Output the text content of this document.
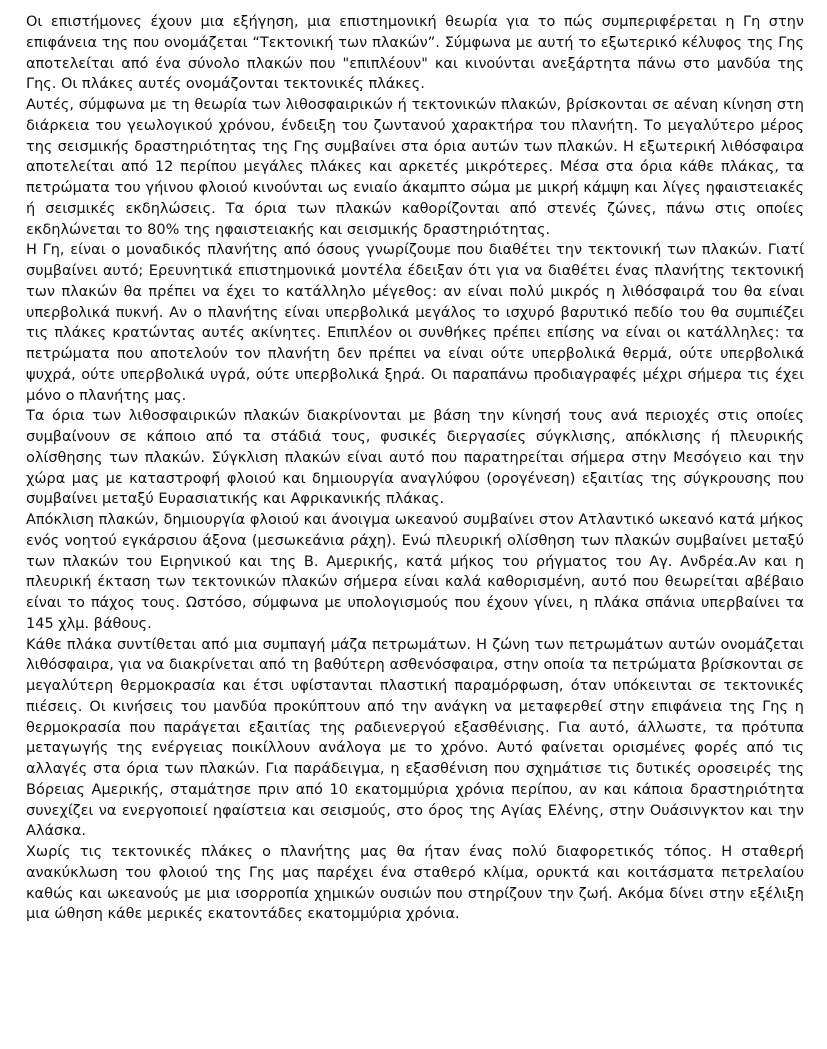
Οι επιστήμονες έχουν μια εξήγηση, μια επιστημονική θεωρία για το πώς συμπεριφέρεται η Γη στην επιφάνεια της που ονομάζεται “Τεκτονική των πλακών”. Σύμφωνα με αυτή το εξωτερικό κέλυφος της Γης αποτελείται από ένα σύνολο πλακών που "επιπλέουν" και κινούνται ανεξάρτητα πάνω στο μανδύα της Γης. Οι πλάκες αυτές ονομάζονται τεκτονικές πλάκες.

Αυτές, σύμφωνα με τη θεωρία των λιθοσφαιρικών ή τεκτονικών πλακών, βρίσκονται σε αέναη κίνηση στη διάρκεια του γεωλογικού χρόνου, ένδειξη του ζωντανού χαρακτήρα του πλανήτη. Το μεγαλύτερο μέρος της σεισμικής δραστηριότητας της Γης συμβαίνει στα όρια αυτών των πλακών. Η εξωτερική λιθόσφαιρα αποτελείται από 12 περίπου μεγάλες πλάκες και αρκετές μικρότερες. Μέσα στα όρια κάθε πλάκας, τα πετρώματα του γήινου φλοιού κινούνται ως ενιαίο άκαμπτο σώμα με μικρή κάμψη και λίγες ηφαιστειακές ή σεισμικές εκδηλώσεις. Τα όρια των πλακών καθορίζονται από στενές ζώνες, πάνω στις οποίες εκδηλώνεται το 80% της ηφαιστειακής και σεισμικής δραστηριότητας.

Η Γη, είναι ο μοναδικός πλανήτης από όσους γνωρίζουμε που διαθέτει την τεκτονική των πλακών. Γιατί συμβαίνει αυτό; Ερευνητικά επιστημονικά μοντέλα έδειξαν ότι για να διαθέτει ένας πλανήτης τεκτονική των πλακών θα πρέπει να έχει το κατάλληλο μέγεθος: αν είναι πολύ μικρός η λιθόσφαιρά του θα είναι υπερβολικά πυκνή. Αν ο πλανήτης είναι υπερβολικά μεγάλος το ισχυρό βαρυτικό πεδίο του θα συμπιέζει τις πλάκες κρατώντας αυτές ακίνητες. Επιπλέον οι συνθήκες πρέπει επίσης να είναι οι κατάλληλες: τα πετρώματα που αποτελούν τον πλανήτη δεν πρέπει να είναι ούτε υπερβολικά θερμά, ούτε υπερβολικά ψυχρά, ούτε υπερβολικά υγρά, ούτε υπερβολικά ξηρά. Οι παραπάνω προδιαγραφές μέχρι σήμερα τις έχει μόνο ο πλανήτης μας.

Τα όρια των λιθοσφαιρικών πλακών διακρίνονται με βάση την κίνησή τους ανά περιοχές στις οποίες συμβαίνουν σε κάποιο από τα στάδιά τους, φυσικές διεργασίες σύγκλισης, απόκλισης ή πλευρικής ολίσθησης των πλακών. Σύγκλιση πλακών είναι αυτό που παρατηρείται σήμερα στην Μεσόγειο και την χώρα μας με καταστροφή φλοιού και δημιουργία αναγλύφου (ορογένεση) εξαιτίας της σύγκρουσης που συμβαίνει μεταξύ Ευρασιατικής και Αφρικανικής πλάκας.

Απόκλιση πλακών, δημιουργία φλοιού και άνοιγμα ωκεανού συμβαίνει στον Ατλαντικό ωκεανό κατά μήκος ενός νοητού εγκάρσιου άξονα (μεσωκεάνια ράχη). Ενώ πλευρική ολίσθηση των πλακών συμβαίνει μεταξύ των πλακών του Ειρηνικού και της Β. Αμερικής, κατά μήκος του ρήγματος του Αγ. Ανδρέα.Αν και η πλευρική έκταση των τεκτονικών πλακών σήμερα είναι καλά καθορισμένη, αυτό που θεωρείται αβέβαιο είναι το πάχος τους. Ωστόσο, σύμφωνα με υπολογισμούς που έχουν γίνει, η πλάκα σπάνια υπερβαίνει τα 145 χλμ. βάθους.

Κάθε πλάκα συντίθεται από μια συμπαγή μάζα πετρωμάτων. Η ζώνη των πετρωμάτων αυτών ονομάζεται λιθόσφαιρα, για να διακρίνεται από τη βαθύτερη ασθενόσφαιρα, στην οποία τα πετρώματα βρίσκονται σε μεγαλύτερη θερμοκρασία και έτσι υφίστανται πλαστική παραμόρφωση, όταν υπόκεινται σε τεκτονικές πιέσεις. Οι κινήσεις του μανδύα προκύπτουν από την ανάγκη να μεταφερθεί στην επιφάνεια της Γης η θερμοκρασία που παράγεται εξαιτίας της ραδιενεργού εξασθένισης. Για αυτό, άλλωστε, τα πρότυπα μεταγωγής της ενέργειας ποικίλλουν ανάλογα με το χρόνο. Αυτό φαίνεται ορισμένες φορές από τις αλλαγές στα όρια των πλακών. Για παράδειγμα, η εξασθένιση που σχημάτισε τις δυτικές οροσειρές της Βόρειας Αμερικής, σταμάτησε πριν από 10 εκατομμύρια χρόνια περίπου, αν και κάποια δραστηριότητα συνεχίζει να ενεργοποιεί ηφαίστεια και σεισμούς, στο όρος της Αγίας Ελένης, στην Ουάσινγκτον και την Αλάσκα.

Χωρίς τις τεκτονικές πλάκες ο πλανήτης μας θα ήταν ένας πολύ διαφορετικός τόπος. Η σταθερή ανακύκλωση του φλοιού της Γης μας παρέχει ένα σταθερό κλίμα, ορυκτά και κοιτάσματα πετρελαίου καθώς και ωκεανούς με μια ισορροπία χημικών ουσιών που στηρίζουν την ζωή. Ακόμα δίνει στην εξέλιξη μια ώθηση κάθε μερικές εκατοντάδες εκατομμύρια χρόνια.
